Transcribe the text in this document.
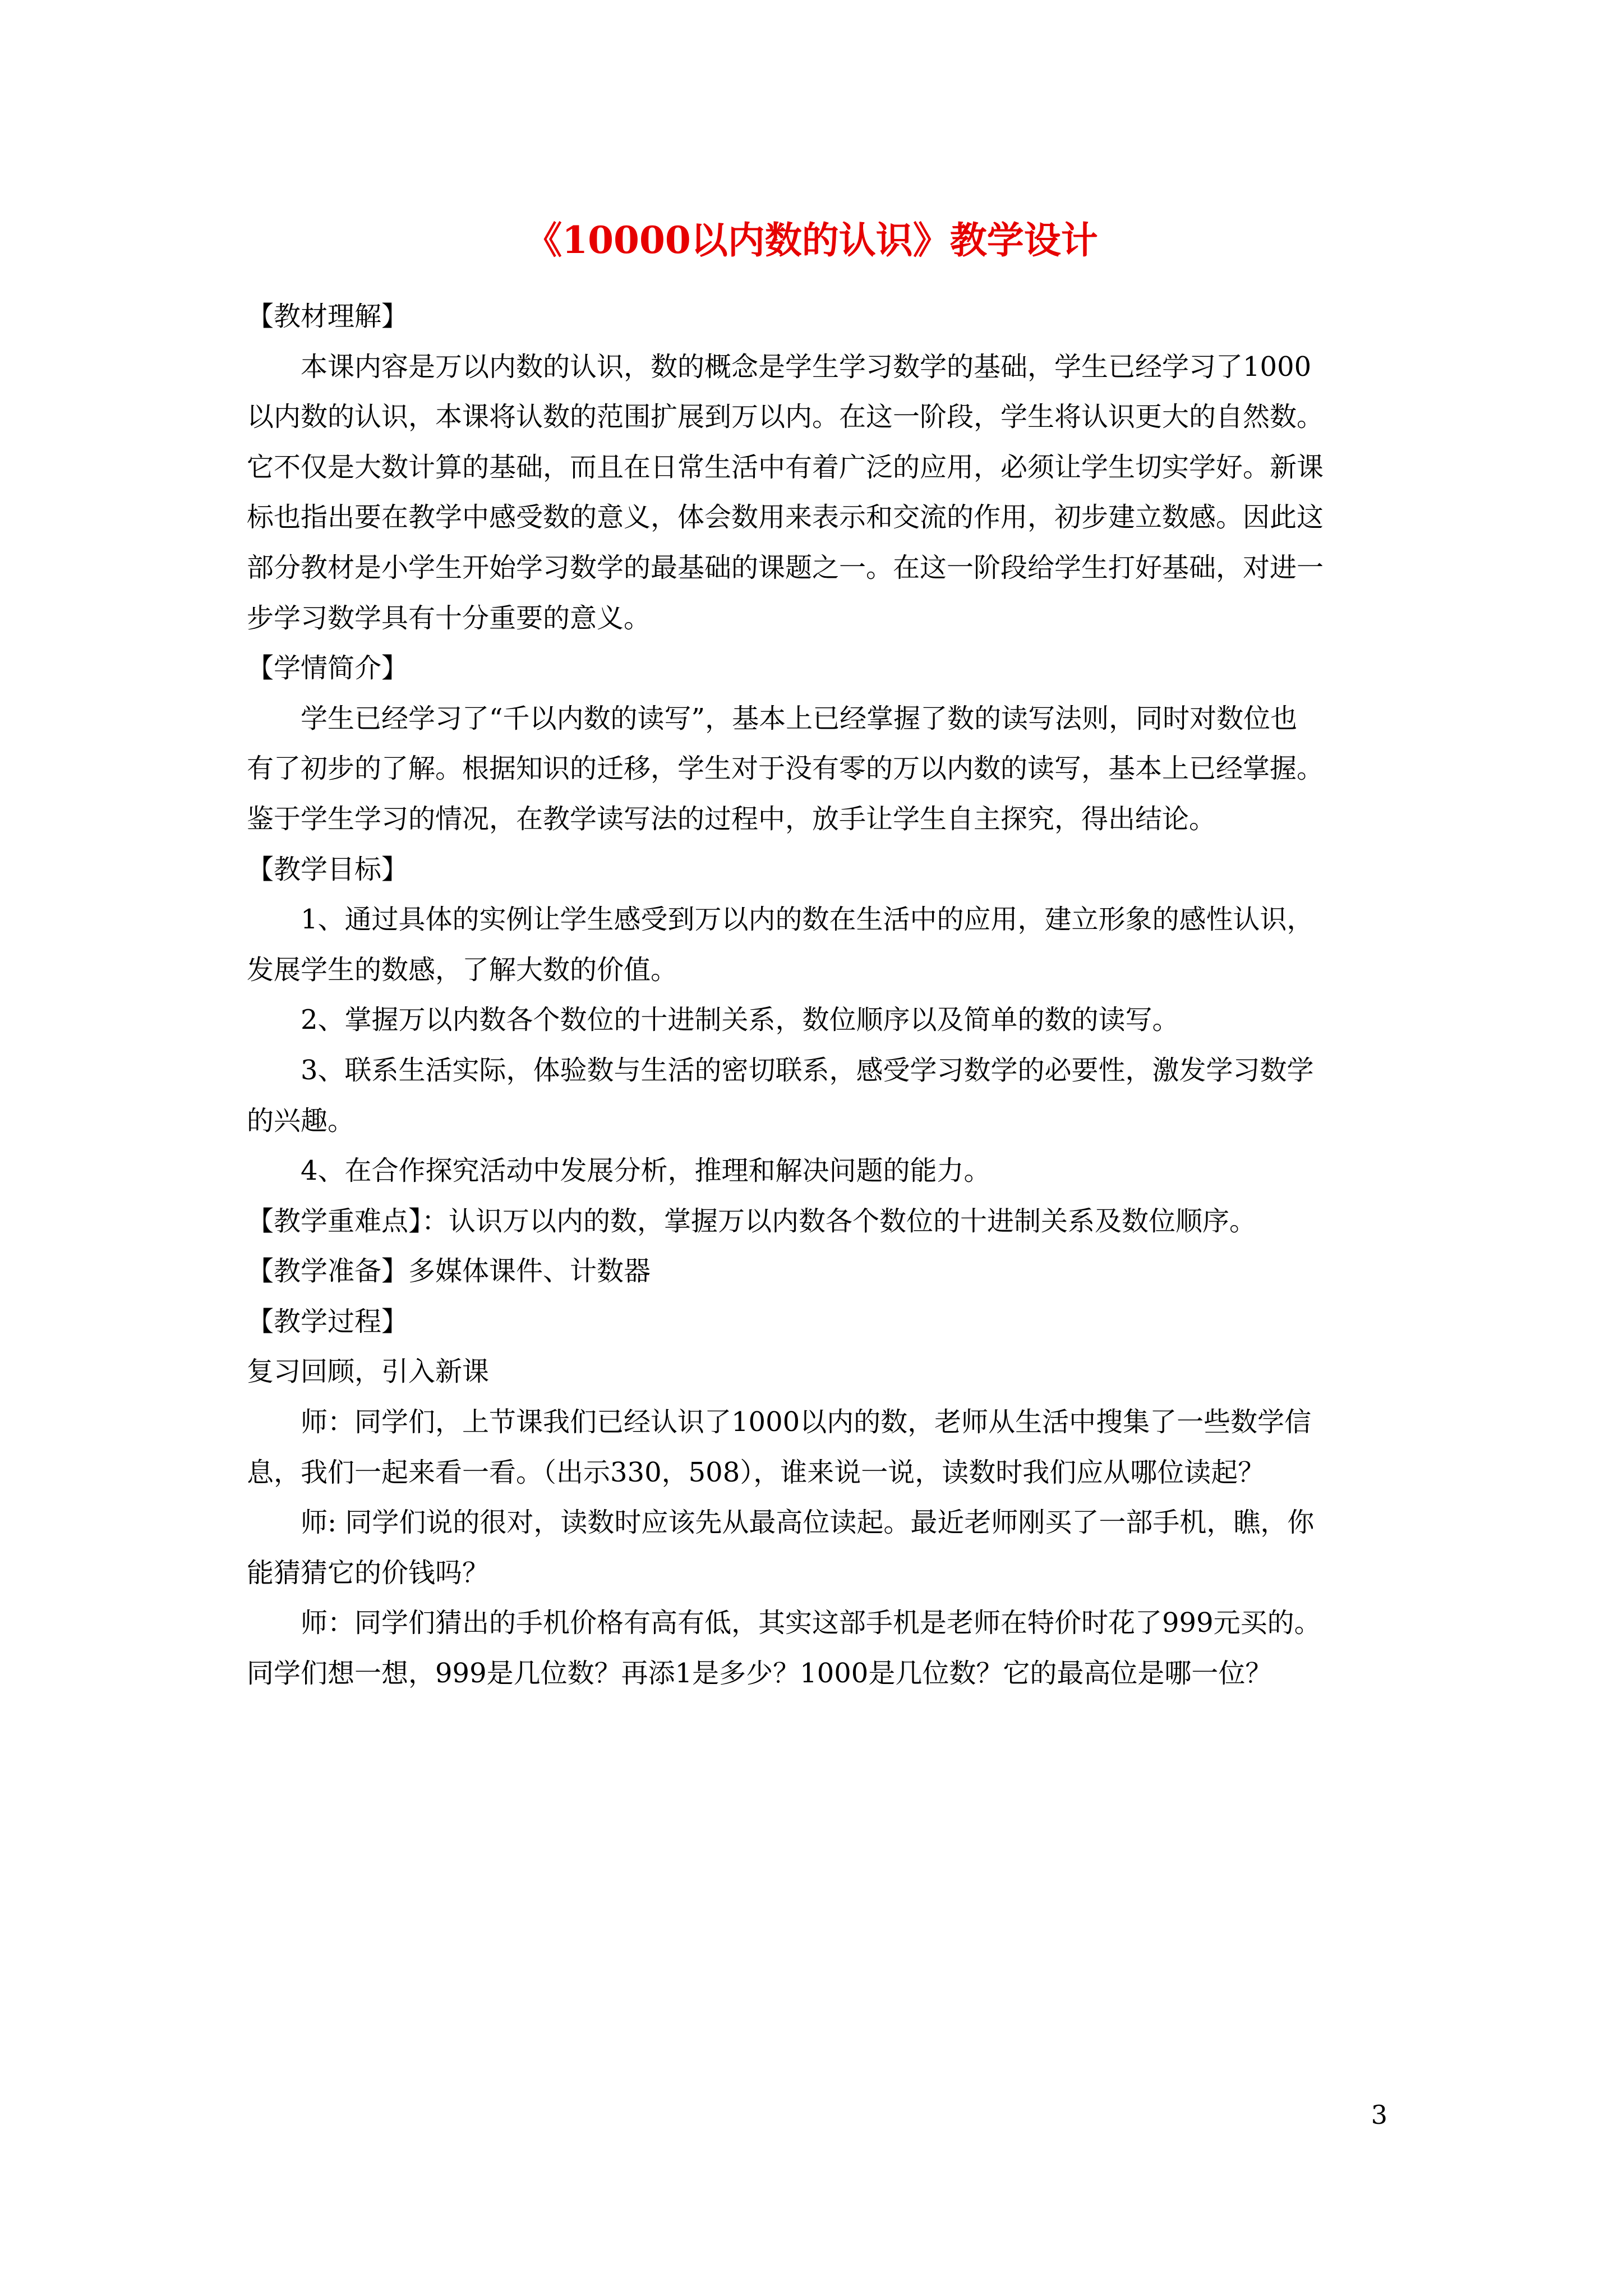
《10000以内数的认识》教学设计
【教材理解】
本课内容是万以内数的认识，数的概念是学生学习数学的基础，学生已经学习了1000
以内数的认识，本课将认数的范围扩展到万以内。在这一阶段，学生将认识更大的自然数。
它不仅是大数计算的基础，而且在日常生活中有着广泛的应用，必须让学生切实学好。新课
标也指出要在教学中感受数的意义，体会数用来表示和交流的作用，初步建立数感。因此这
部分教材是小学生开始学习数学的最基础的课题之一。在这一阶段给学生打好基础，对进一
步学习数学具有十分重要的意义。
【学情简介】
学生已经学习了“千以内数的读写”，基本上已经掌握了数的读写法则，同时对数位也
有了初步的了解。根据知识的迁移，学生对于没有零的万以内数的读写，基本上已经掌握。
鉴于学生学习的情况，在教学读写法的过程中，放手让学生自主探究，得出结论。
【教学目标】
1、通过具体的实例让学生感受到万以内的数在生活中的应用，建立形象的感性认识，
发展学生的数感，了解大数的价值。
2、掌握万以内数各个数位的十进制关系，数位顺序以及简单的数的读写。
3、联系生活实际，体验数与生活的密切联系，感受学习数学的必要性，激发学习数学
的兴趣。
4、在合作探究活动中发展分析，推理和解决问题的能力。
【教学重难点】：认识万以内的数，掌握万以内数各个数位的十进制关系及数位顺序。
【教学准备】多媒体课件、计数器
【教学过程】
复习回顾，引入新课
师：同学们，上节课我们已经认识了1000以内的数，老师从生活中搜集了一些数学信
息，我们一起来看一看。（出示330，508），谁来说一说，读数时我们应从哪位读起？
师: 同学们说的很对，读数时应该先从最高位读起。最近老师刚买了一部手机，瞧，你
能猜猜它的价钱吗？
师：同学们猜出的手机价格有高有低，其实这部手机是老师在特价时花了999元买的。
同学们想一想，999是几位数？再添1是多少？1000是几位数？它的最高位是哪一位？
3
